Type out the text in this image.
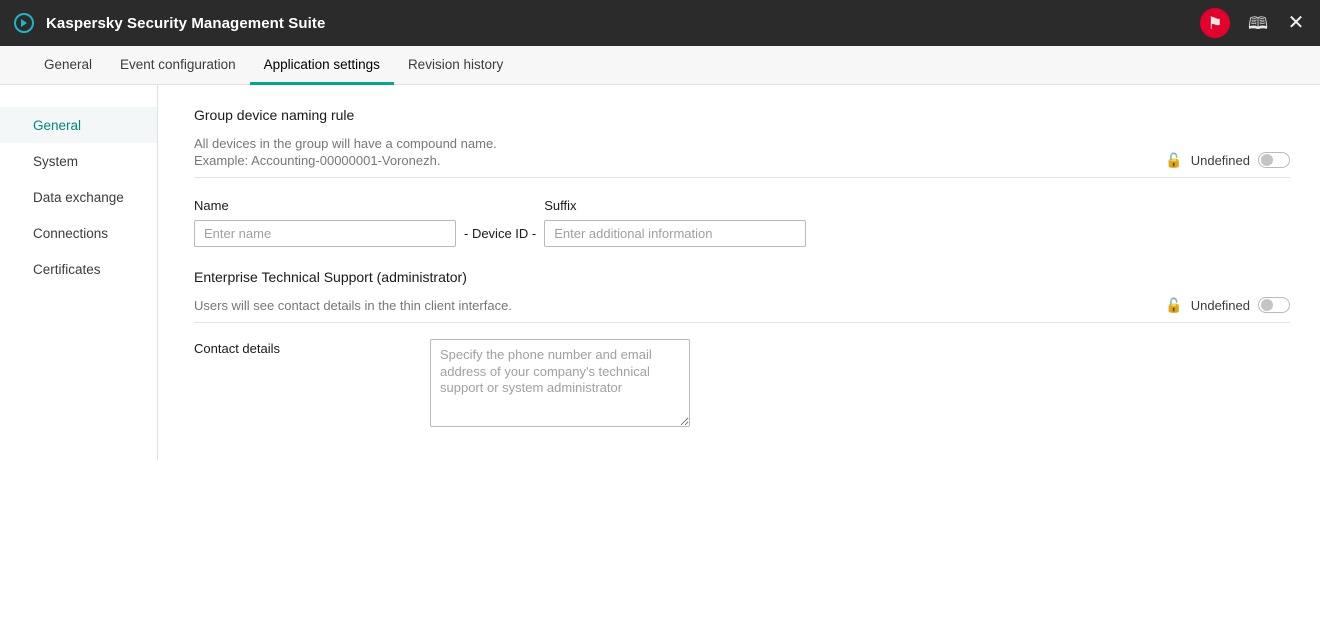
Kaspersky Security Management Suite	⚑ 🕮 ✕
General	Event configuration	Application settings	Revision history
General
System
Data exchange
Connections
Certificates
Group device naming rule
All devices in the group will have a compound name.
Example: Accounting-00000001-Voronezh.	🔓 Undefined
Name
Enter name
- Device ID -
Suffix
Enter additional information
Enterprise Technical Support (administrator)
Users will see contact details in the thin client interface.	🔓 Undefined
Contact details
Specify the phone number and email address of your company's technical support or system administrator
